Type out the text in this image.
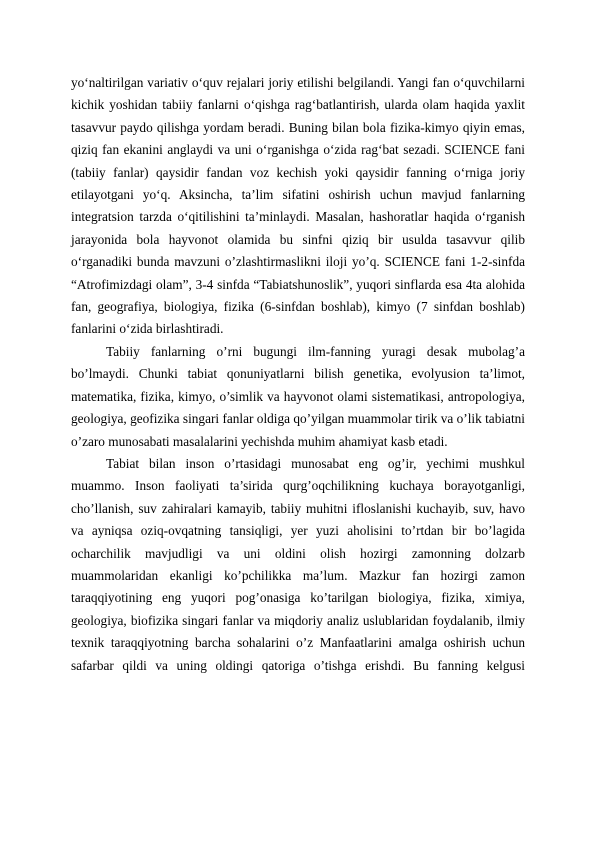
yo‘naltirilgan variativ o‘quv rejalari joriy etilishi belgilandi. Yangi fan o‘quvchilarni kichik yoshidan tabiiy fanlarni o‘qishga rag‘batlantirish, ularda olam haqida yaxlit tasavvur paydo qilishga yordam beradi. Buning bilan bola fizika-kimyo qiyin emas, qiziq fan ekanini anglaydi va uni o‘rganishga o‘zida rag‘bat sezadi. SCIENCE fani (tabiiy fanlar) qaysidir fandan voz kechish yoki qaysidir fanning o‘rniga joriy etilayotgani yo‘q. Aksincha, ta’lim sifatini oshirish uchun mavjud fanlarning integratsion tarzda o‘qitilishini ta’minlaydi. Masalan, hashoratlar haqida o‘rganish jarayonida bola hayvonot olamida bu sinfni qiziq bir usulda tasavvur qilib o‘rganadiki bunda mavzuni o’zlashtirmaslikni iloji yo’q. SCIENCE fani 1-2-sinfda “Atrofimizdagi olam”, 3-4 sinfda “Tabiatshunoslik”, yuqori sinflarda esa 4ta alohida fan, geografiya, biologiya, fizika (6-sinfdan boshlab), kimyo (7 sinfdan boshlab) fanlarini o‘zida birlashtiradi.

Tabiiy fanlarning o’rni bugungi ilm-fanning yuragi desak mubolag’a bo’lmaydi. Chunki tabiat qonuniyatlarni bilish genetika, evolyusion ta’limot, matematika, fizika, kimyo, o’simlik va hayvonot olami sistematikasi, antropologiya, geologiya, geofizika singari fanlar oldiga qo’yilgan muammolar tirik va o’lik tabiatni o’zaro munosabati masalalarini yechishda muhim ahamiyat kasb etadi.

Tabiat bilan inson o’rtasidagi munosabat eng og’ir, yechimi mushkul muammo. Inson faoliyati ta’sirida qurg’oqchilikning kuchaya borayotganligi, cho’llanish, suv zahiralari kamayib, tabiiy muhitni ifloslanishi kuchayib, suv, havo va ayniqsa oziq-ovqatning tansiqligi, yer yuzi aholisini to’rtdan bir bo’lagida ocharchilik mavjudligi va uni oldini olish hozirgi zamonning dolzarb muammolaridan ekanligi ko’pchilikka ma’lum. Mazkur fan hozirgi zamon taraqqiyotining eng yuqori pog’onasiga ko’tarilgan biologiya, fizika, ximiya, geologiya, biofizika singari fanlar va miqdoriy analiz uslublaridan foydalanib, ilmiy texnik taraqqiyotning barcha sohalarini o’z Manfaatlarini amalga oshirish uchun safarbar qildi va uning oldingi qatoriga o’tishga erishdi. Bu fanning kelgusi
